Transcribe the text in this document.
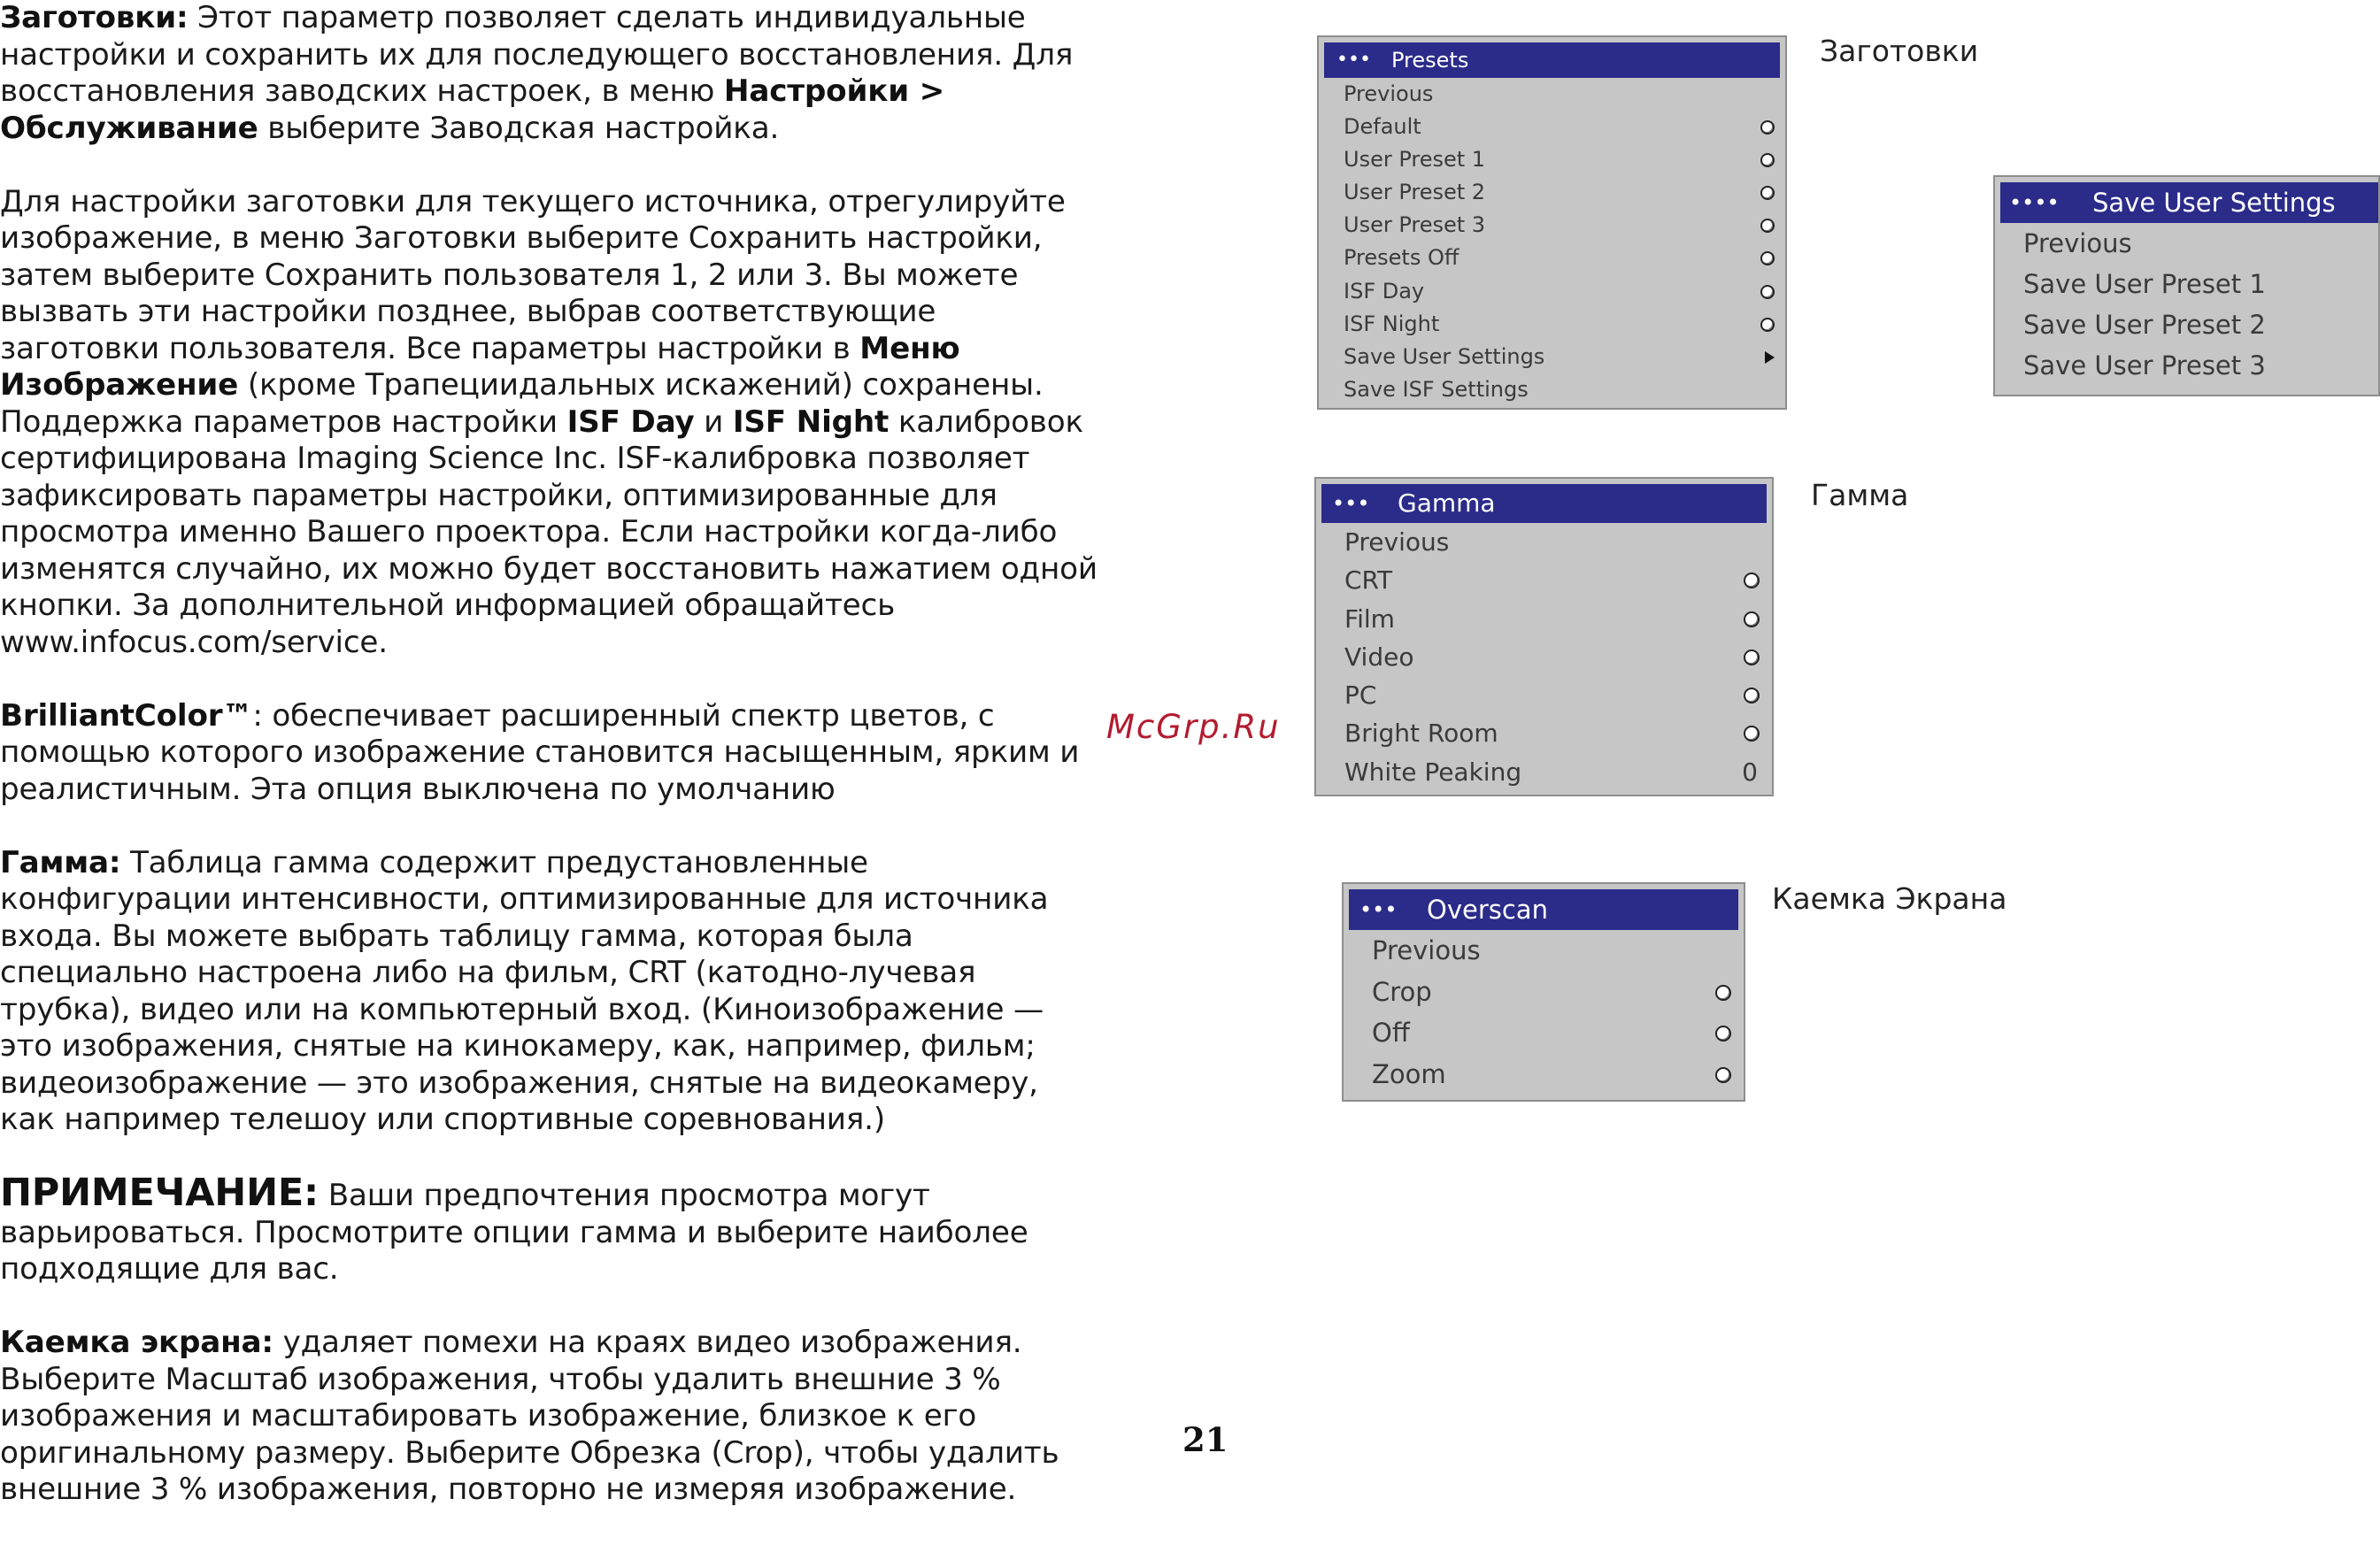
Заготовки: Этот параметр позволяет сделать индивидуальные настройки и сохранить их для последующего восстановления. Для восстановления заводских настроек, в меню Настройки > Обслуживание выберите Заводская настройка.

Для настройки заготовки для текущего источника, отрегулируйте изображение, в меню Заготовки выберите Сохранить настройки, затем выберите Сохранить пользователя 1, 2 или 3. Вы можете вызвать эти настройки позднее, выбрав соответствующие заготовки пользователя. Все параметры настройки в Меню Изображение (кроме Трапециидальных искажений) сохранены. Поддержка параметров настройки ISF Day и ISF Night калибровок сертифицирована Imaging Science Inc. ISF-калибровка позволяет зафиксировать параметры настройки, оптимизированные для просмотра именно Вашего проектора. Если настройки когда-либо изменятся случайно, их можно будет восстановить нажатием одной кнопки. За дополнительной информацией обращайтесь www.infocus.com/service.

BrilliantColor™: обеспечивает расширенный спектр цветов, с помощью которого изображение становится насыщенным, ярким и реалистичным. Эта опция выключена по умолчанию

Гамма: Таблица гамма содержит предустановленные конфигурации интенсивности, оптимизированные для источника входа. Вы можете выбрать таблицу гамма, которая была специально настроена либо на фильм, CRT (катодно-лучевая трубка), видео или на компьютерный вход. (Киноизображение — это изображения, снятые на кинокамеру, как, например, фильм; видеоизображение — это изображения, снятые на видеокамеру, как например телешоу или спортивные соревнования.)

ПРИМЕЧАНИЕ: Ваши предпочтения просмотра могут варьироваться. Просмотрите опции гамма и выберите наиболее подходящие для вас.

Каемка экрана: удаляет помехи на краях видео изображения. Выберите Масштаб изображения, чтобы удалить внешние 3 % изображения и масштабировать изображение, близкое к его оригинальному размеру. Выберите Обрезка (Crop), чтобы удалить внешние 3 % изображения, повторно не измеряя изображение.

••• Presets
Previous
Default
User Preset 1
User Preset 2
User Preset 3
Presets Off
ISF Day
ISF Night
Save User Settings
Save ISF Settings
Заготовки
•••• Save User Settings
Previous
Save User Preset 1
Save User Preset 2
Save User Preset 3
••• Gamma
Previous
CRT
Film
Video
PC
Bright Room
White Peaking	0
Гамма
McGrp.Ru
••• Overscan
Previous
Crop
Off
Zoom
Каемка Экрана
21
